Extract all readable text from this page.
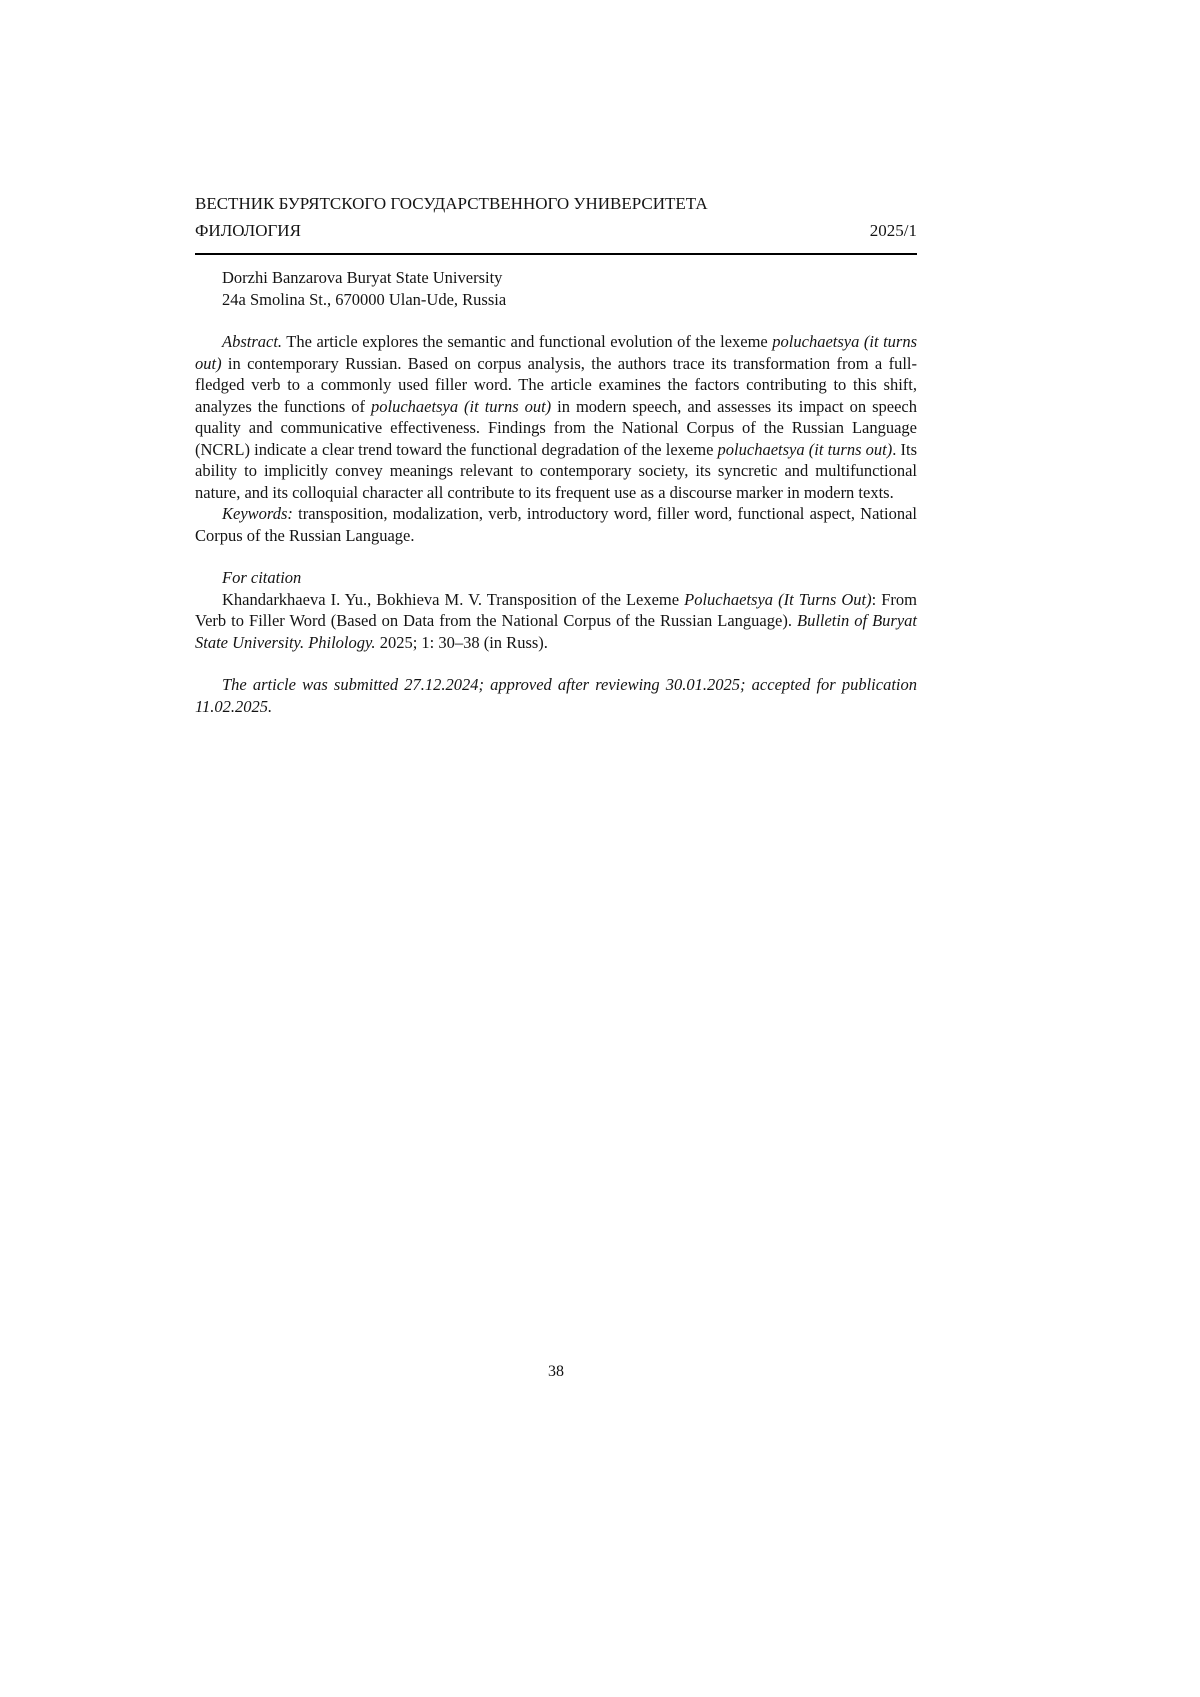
ВЕСТНИК БУРЯТСКОГО ГОСУДАРСТВЕННОГО УНИВЕРСИТЕТА
ФИЛОЛОГИЯ	2025/1
Dorzhi Banzarova Buryat State University
24a Smolina St., 670000 Ulan-Ude, Russia

Abstract. The article explores the semantic and functional evolution of the lexeme poluchaetsya (it turns out) in contemporary Russian. Based on corpus analysis, the authors trace its transformation from a full-fledged verb to a commonly used filler word. The article examines the factors contributing to this shift, analyzes the functions of poluchaetsya (it turns out) in modern speech, and assesses its impact on speech quality and communicative effectiveness. Findings from the National Corpus of the Russian Language (NCRL) indicate a clear trend toward the functional degradation of the lexeme poluchaetsya (it turns out). Its ability to implicitly convey meanings relevant to contemporary society, its syncretic and multifunctional nature, and its colloquial character all contribute to its frequent use as a discourse marker in modern texts.

Keywords: transposition, modalization, verb, introductory word, filler word, functional aspect, National Corpus of the Russian Language.

For citation

Khandarkhaeva I. Yu., Bokhieva M. V. Transposition of the Lexeme Poluchaetsya (It Turns Out): From Verb to Filler Word (Based on Data from the National Corpus of the Russian Language). Bulletin of Buryat State University. Philology. 2025; 1: 30–38 (in Russ).

The article was submitted 27.12.2024; approved after reviewing 30.01.2025; accepted for publication 11.02.2025.

38
